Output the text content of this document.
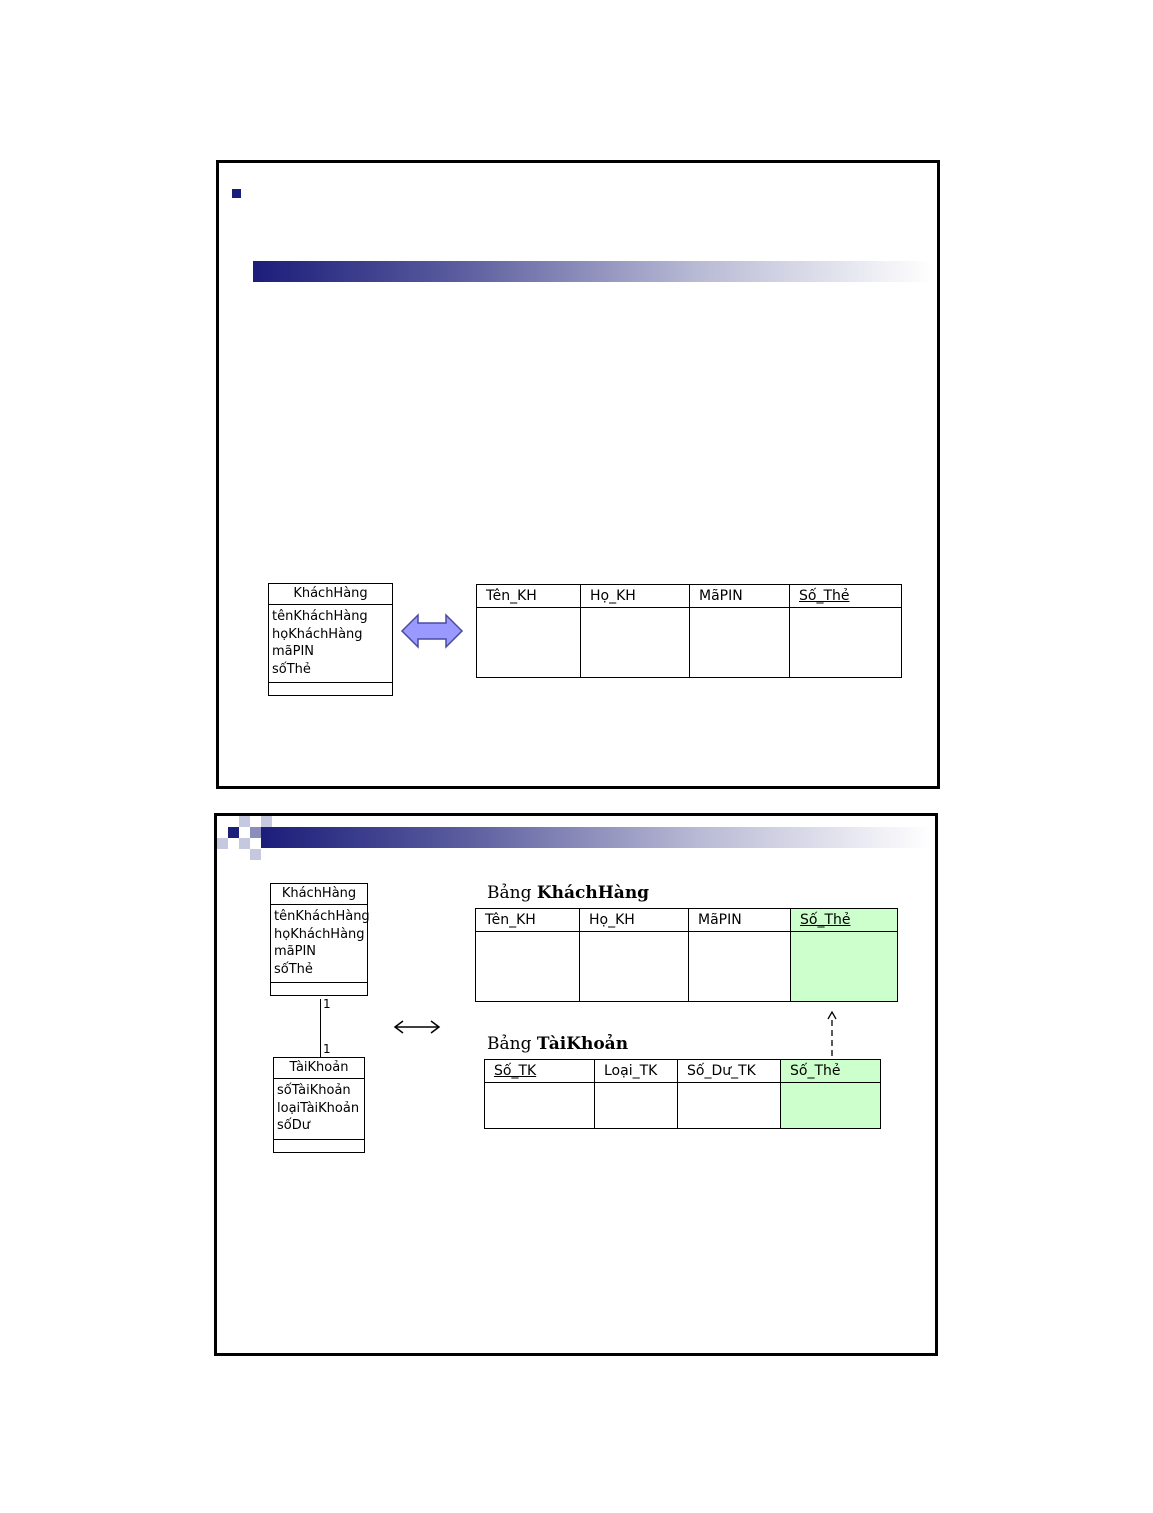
KháchHàng
tênKháchHàng
họKháchHàng
mãPIN
sốThẻ
Tên_KH	Họ_KH	MãPIN	Số_Thẻ

KháchHàng
tênKháchHàng
họKháchHàng
mãPIN
sốThẻ
1
1
TàiKhoản
sốTàiKhoản
loạiTàiKhoản
sốDư
Bảng KháchHàng
Tên_KH	Họ_KH	MãPIN	Số_Thẻ

Bảng TàiKhoản
Số_TK	Loại_TK	Số_Dư_TK	Số_Thẻ
